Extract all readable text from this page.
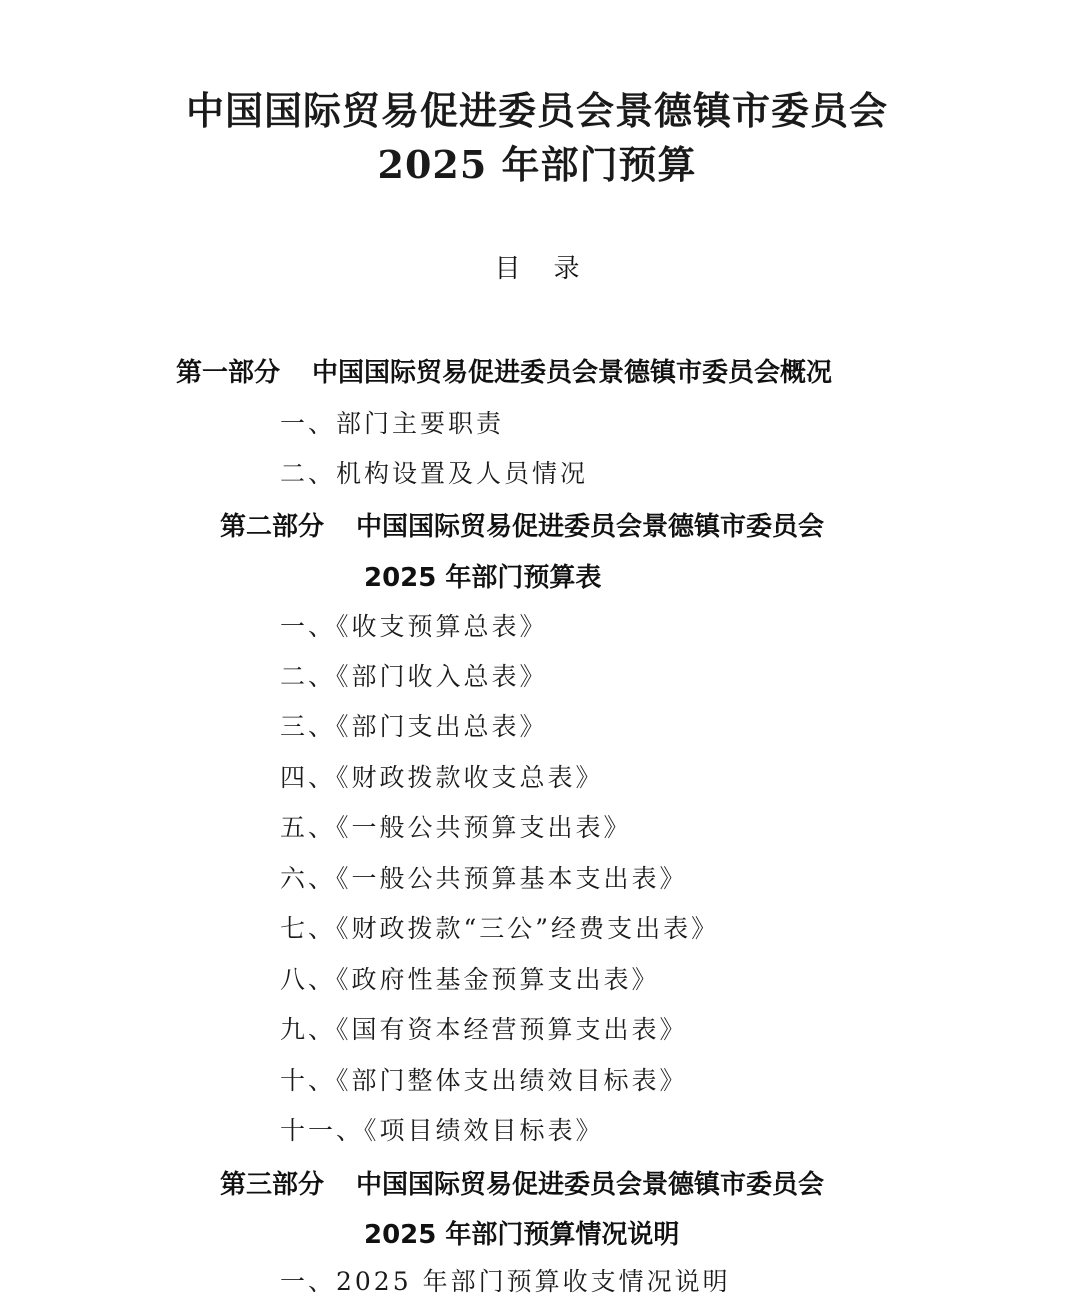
中国国际贸易促进委员会景德镇市委员会
2025 年部门预算
目    录
第一部分 中国国际贸易促进委员会景德镇市委员会概况
一、部门主要职责
二、机构设置及人员情况
第二部分 中国国际贸易促进委员会景德镇市委员会
2025 年部门预算表
一、《收支预算总表》
二、《部门收入总表》
三、《部门支出总表》
四、《财政拨款收支总表》
五、《一般公共预算支出表》
六、《一般公共预算基本支出表》
七、《财政拨款“三公”经费支出表》
八、《政府性基金预算支出表》
九、《国有资本经营预算支出表》
十、《部门整体支出绩效目标表》
十一、《项目绩效目标表》
第三部分 中国国际贸易促进委员会景德镇市委员会
2025 年部门预算情况说明
一、2025 年部门预算收支情况说明
